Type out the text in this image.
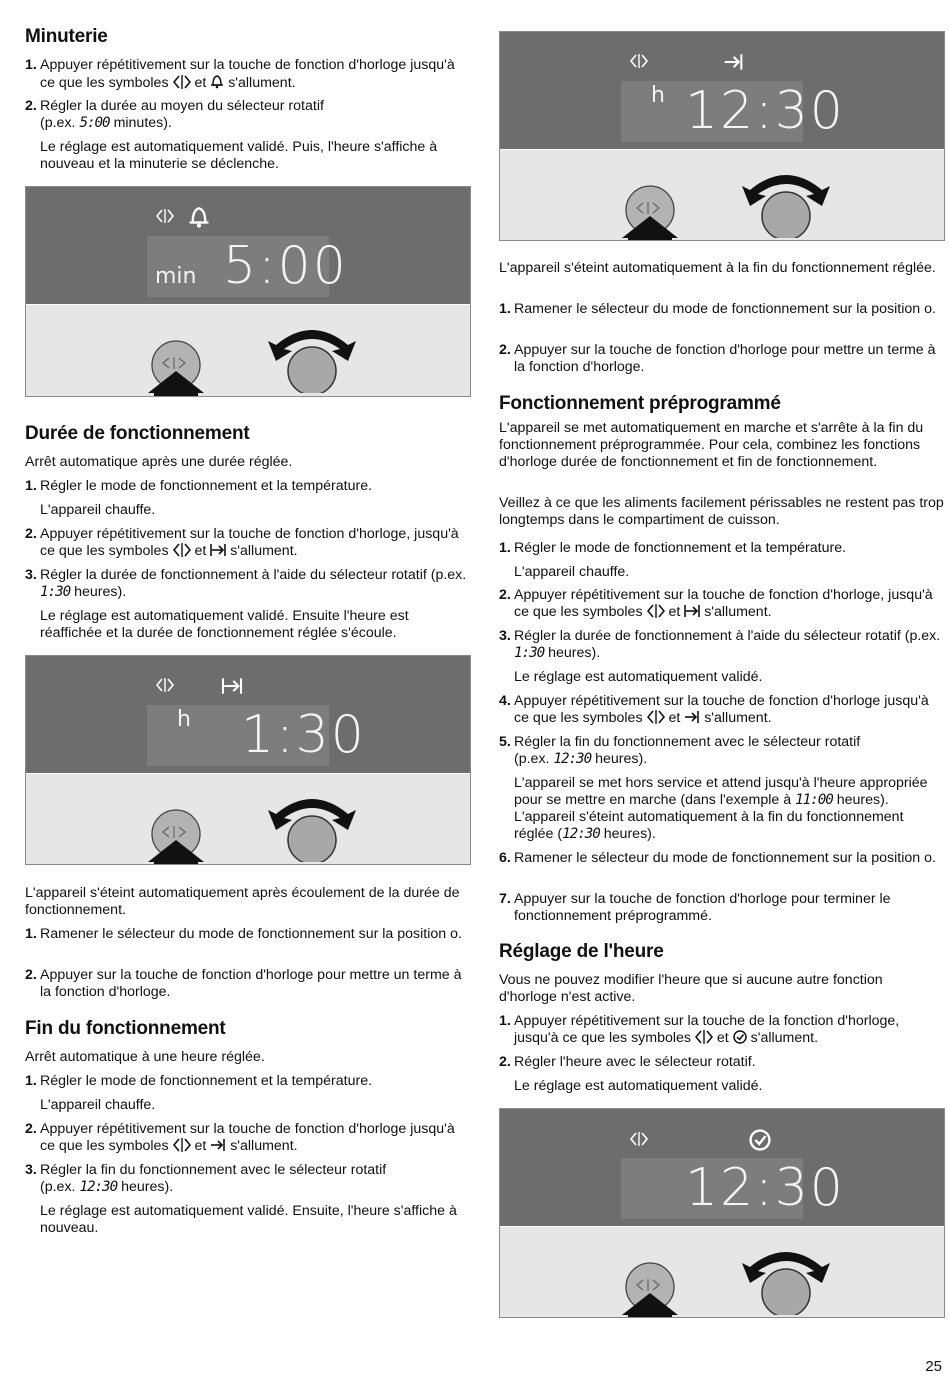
Minuterie
1. Appuyer répétitivement sur la touche de fonction d'horloge jusqu'à ce que les symboles et s'allument.
2. Régler la durée au moyen du sélecteur rotatif
(p.ex. 5:00 minutes).
Le réglage est automatiquement validé. Puis, l'heure s'affiche à nouveau et la minuterie se déclenche.
min 5:00
Durée de fonctionnement
Arrêt automatique après une durée réglée.
1. Régler le mode de fonctionnement et la température.
L'appareil chauffe.
2. Appuyer répétitivement sur la touche de fonction d'horloge, jusqu'à ce que les symboles et s'allument.
3. Régler la durée de fonctionnement à l'aide du sélecteur rotatif (p.ex. 1:30 heures).
Le réglage est automatiquement validé. Ensuite l'heure est réaffichée et la durée de fonctionnement réglée s'écoule.
h 1:30
L'appareil s'éteint automatiquement après écoulement de la durée de fonctionnement.
1. Ramener le sélecteur du mode de fonctionnement sur la position o.
2. Appuyer sur la touche de fonction d'horloge pour mettre un terme à la fonction d'horloge.
Fin du fonctionnement
Arrêt automatique à une heure réglée.
1. Régler le mode de fonctionnement et la température.
L'appareil chauffe.
2. Appuyer répétitivement sur la touche de fonction d'horloge jusqu'à ce que les symboles et s'allument.
3. Régler la fin du fonctionnement avec le sélecteur rotatif
(p.ex. 12:30 heures).
Le réglage est automatiquement validé. Ensuite, l'heure s'affiche à nouveau.
h 12:30
L'appareil s'éteint automatiquement à la fin du fonctionnement réglée.
1. Ramener le sélecteur du mode de fonctionnement sur la position o.
2. Appuyer sur la touche de fonction d'horloge pour mettre un terme à la fonction d'horloge.
Fonctionnement préprogrammé
L'appareil se met automatiquement en marche et s'arrête à la fin du fonctionnement préprogrammée. Pour cela, combinez les fonctions d'horloge durée de fonctionnement et fin de fonctionnement.
Veillez à ce que les aliments facilement périssables ne restent pas trop longtemps dans le compartiment de cuisson.
1. Régler le mode de fonctionnement et la température.
L'appareil chauffe.
2. Appuyer répétitivement sur la touche de fonction d'horloge, jusqu'à ce que les symboles et s'allument.
3. Régler la durée de fonctionnement à l'aide du sélecteur rotatif (p.ex. 1:30 heures).
Le réglage est automatiquement validé.
4. Appuyer répétitivement sur la touche de fonction d'horloge jusqu'à ce que les symboles et s'allument.
5. Régler la fin du fonctionnement avec le sélecteur rotatif
(p.ex. 12:30 heures).
L'appareil se met hors service et attend jusqu'à l'heure appropriée pour se mettre en marche (dans l'exemple à 11:00 heures). L'appareil s'éteint automatiquement à la fin du fonctionnement réglée (12:30 heures).
6. Ramener le sélecteur du mode de fonctionnement sur la position o.
7. Appuyer sur la touche de fonction d'horloge pour terminer le fonctionnement préprogrammé.
Réglage de l'heure
Vous ne pouvez modifier l'heure que si aucune autre fonction d'horloge n'est active.
1. Appuyer répétitivement sur la touche de la fonction d'horloge, jusqu'à ce que les symboles et s'allument.
2. Régler l'heure avec le sélecteur rotatif.
Le réglage est automatiquement validé.
12:30
25
